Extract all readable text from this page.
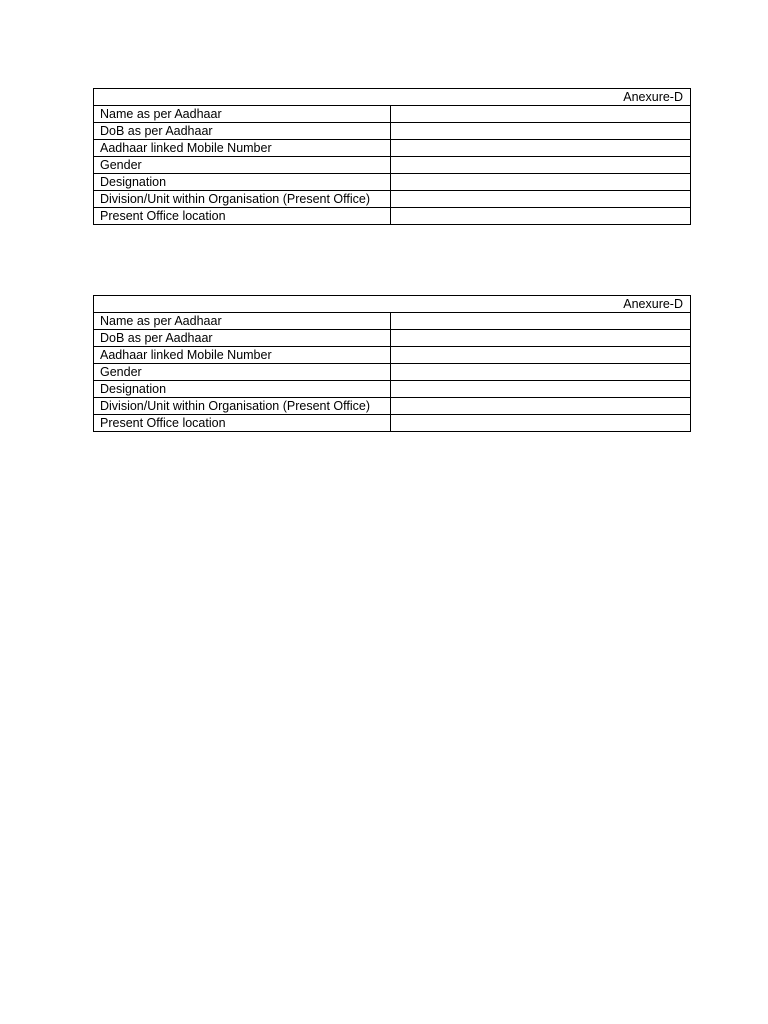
Anexure-D	
Name as per Aadhaar	
DoB as per Aadhaar	
Aadhaar linked Mobile Number	
Gender	
Designation	
Division/Unit within Organisation (Present Office)	
Present Office location	
Anexure-D	
Name as per Aadhaar	
DoB as per Aadhaar	
Aadhaar linked Mobile Number	
Gender	
Designation	
Division/Unit within Organisation (Present Office)	
Present Office location	
